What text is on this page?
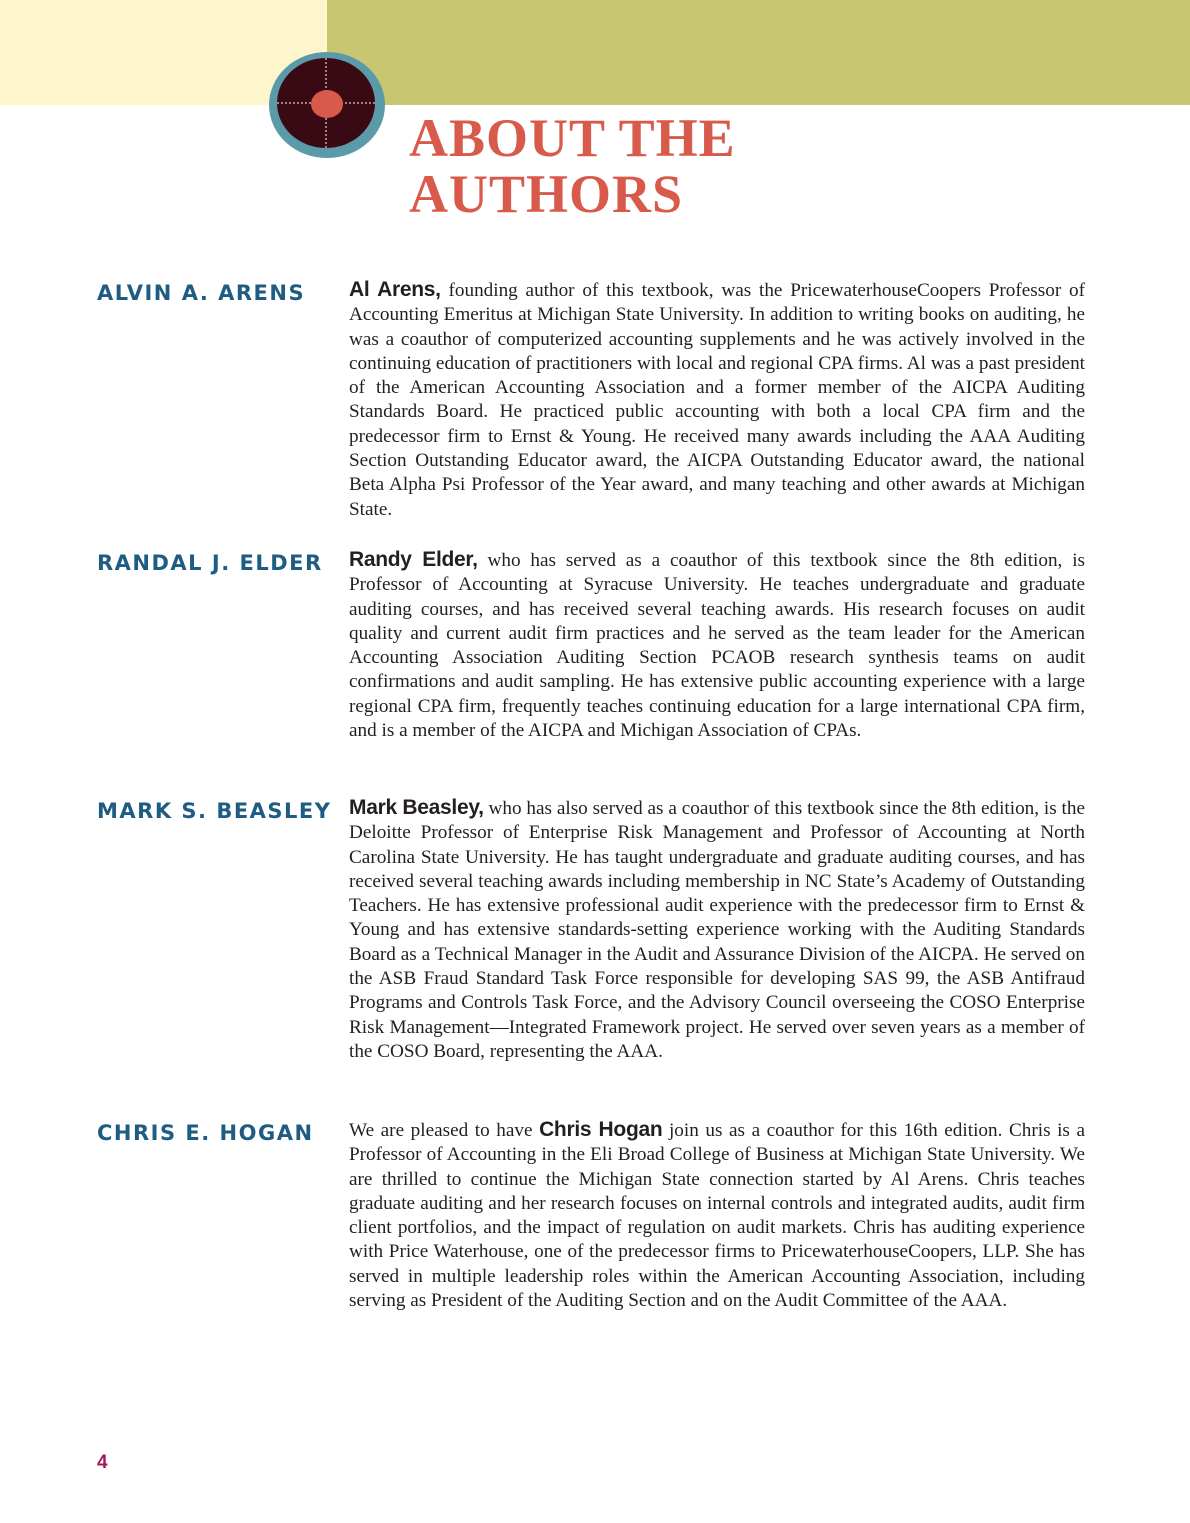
ABOUT THE
AUTHORS
ALVIN A. ARENS Al Arens, founding author of this textbook, was the PricewaterhouseCoopers Professor of Accounting Emeritus at Michigan State University. In addition to writing books on auditing, he was a coauthor of computerized accounting supplements and he was actively involved in the continuing education of practitioners with local and regional CPA firms. Al was a past president of the American Accounting Association and a former member of the AICPA Auditing Standards Board. He practiced public accounting with both a local CPA firm and the predecessor firm to Ernst & Young. He received many awards including the AAA Auditing Section Outstanding Educator award, the AICPA Outstanding Educator award, the national Beta Alpha Psi Professor of the Year award, and many teaching and other awards at Michigan State.

RANDAL J. ELDER Randy Elder, who has served as a coauthor of this textbook since the 8th edition, is Professor of Accounting at Syracuse University. He teaches undergraduate and graduate auditing courses, and has received several teaching awards. His research focuses on audit quality and current audit firm practices and he served as the team leader for the American Accounting Association Auditing Section PCAOB research synthesis teams on audit confirmations and audit sampling. He has extensive public accounting experience with a large regional CPA firm, frequently teaches continuing education for a large international CPA firm, and is a member of the AICPA and Michigan Association of CPAs.

MARK S. BEASLEY Mark Beasley, who has also served as a coauthor of this textbook since the 8th edition, is the Deloitte Professor of Enterprise Risk Management and Professor of Accounting at North Carolina State University. He has taught undergraduate and graduate auditing courses, and has received several teaching awards including membership in NC State’s Academy of Outstanding Teachers. He has extensive professional audit experience with the predecessor firm to Ernst & Young and has extensive standards-setting experience working with the Auditing Standards Board as a Technical Manager in the Audit and Assurance Division of the AICPA. He served on the ASB Fraud Standard Task Force responsible for developing SAS 99, the ASB Antifraud Programs and Controls Task Force, and the Advisory Council overseeing the COSO Enterprise Risk Management—Integrated Framework project. He served over seven years as a member of the COSO Board, representing the AAA.

CHRIS E. HOGAN We are pleased to have Chris Hogan join us as a coauthor for this 16th edition. Chris is a Professor of Accounting in the Eli Broad College of Business at Michigan State University. We are thrilled to continue the Michigan State connection started by Al Arens. Chris teaches graduate auditing and her research focuses on internal controls and integrated audits, audit firm client portfolios, and the impact of regulation on audit markets. Chris has auditing experience with Price Waterhouse, one of the predecessor firms to PricewaterhouseCoopers, LLP. She has served in multiple leadership roles within the American Accounting Association, including serving as President of the Auditing Section and on the Audit Committee of the AAA.

4
